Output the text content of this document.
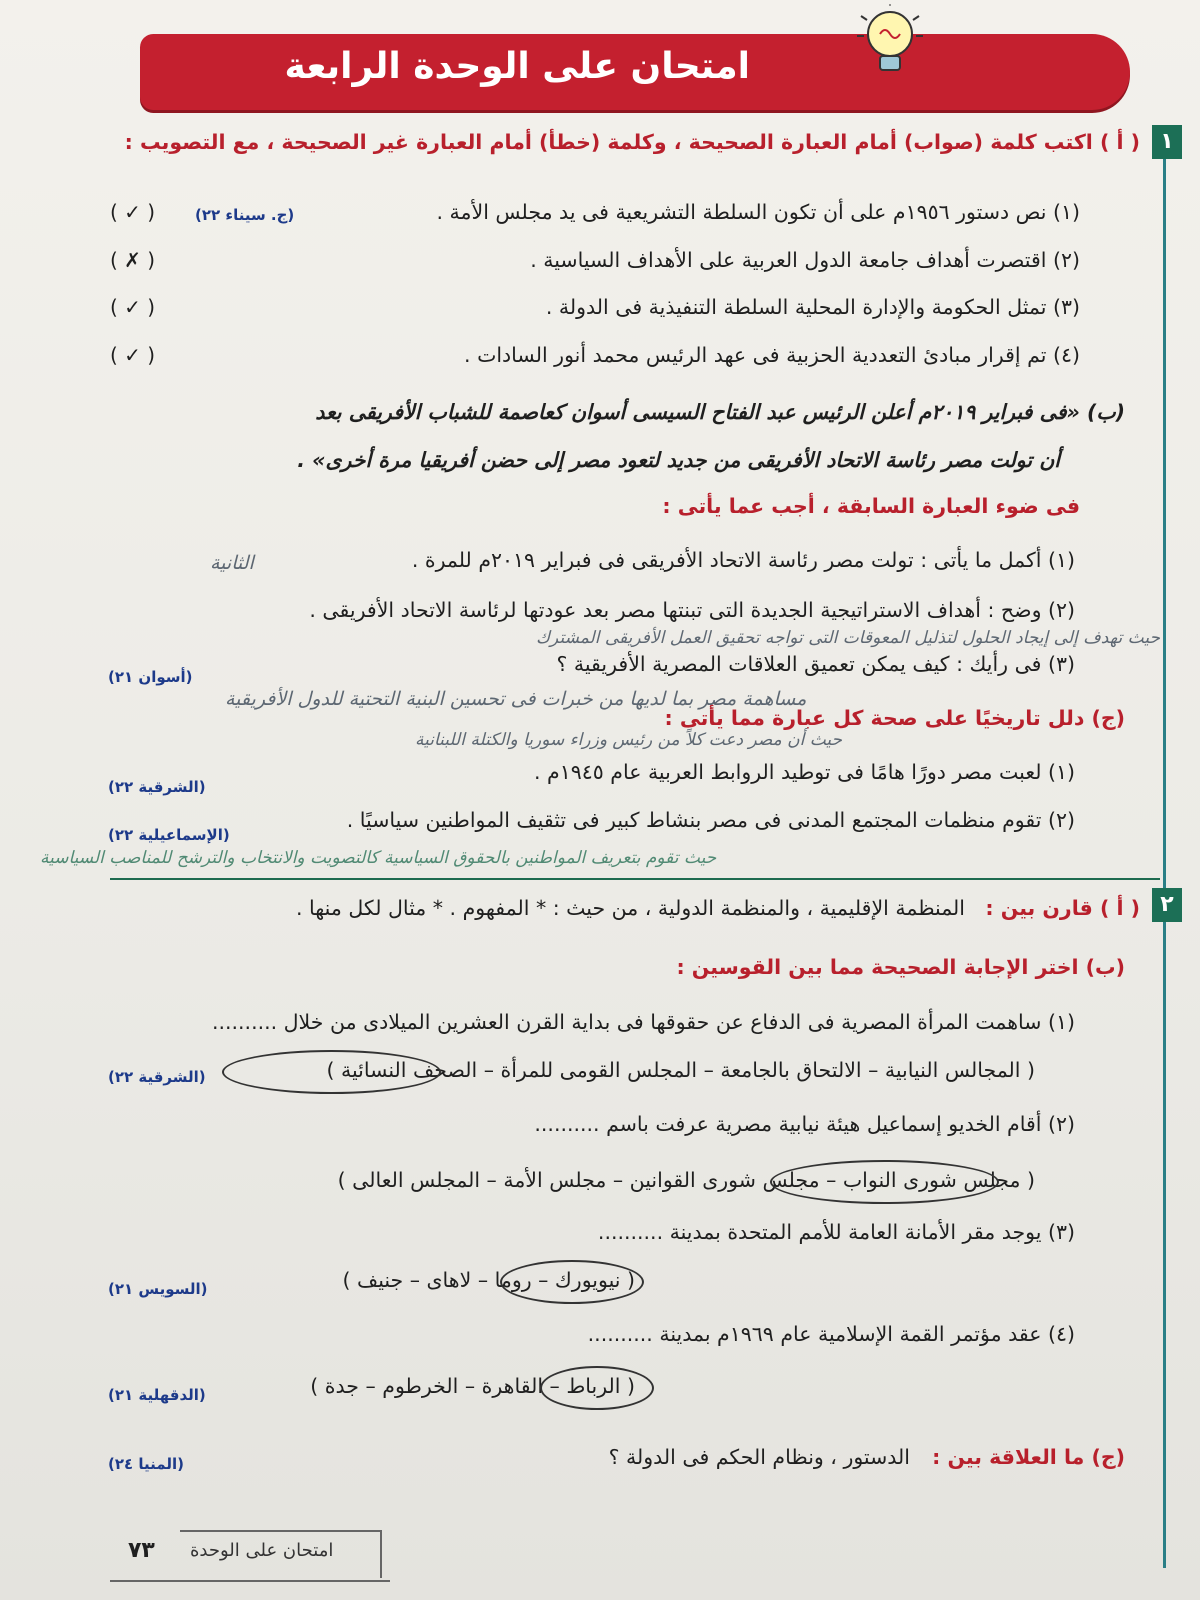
امتحان على الوحدة الرابعة
١
( أ ) اكتب كلمة (صواب) أمام العبارة الصحيحة ، وكلمة (خطأ) أمام العبارة غير الصحيحة ، مع التصويب :
(١) نص دستور ١٩٥٦م على أن تكون السلطة التشريعية فى يد مجلس الأمة .
(ج. سيناء ٢٢)
( ✓ )
(٢) اقتصرت أهداف جامعة الدول العربية على الأهداف السياسية .
( ✗ )
(٣) تمثل الحكومة والإدارة المحلية السلطة التنفيذية فى الدولة .
( ✓ )
(٤) تم إقرار مبادئ التعددية الحزبية فى عهد الرئيس محمد أنور السادات .
( ✓ )
(ب) «فى فبراير ٢٠١٩م أعلن الرئيس عبد الفتاح السيسى أسوان كعاصمة للشباب الأفريقى بعد
أن تولت مصر رئاسة الاتحاد الأفريقى من جديد لتعود مصر إلى حضن أفريقيا مرة أخرى» .
فى ضوء العبارة السابقة ، أجب عما يأتى :
(١) أكمل ما يأتى : تولت مصر رئاسة الاتحاد الأفريقى فى فبراير ٢٠١٩م للمرة .
الثانية
(٢) وضح : أهداف الاستراتيجية الجديدة التى تبنتها مصر بعد عودتها لرئاسة الاتحاد الأفريقى .
حيث تهدف إلى إيجاد الحلول لتذليل المعوقات التى تواجه تحقيق العمل الأفريقى المشترك
(٣) فى رأيك : كيف يمكن تعميق العلاقات المصرية الأفريقية ؟
(أسوان ٢١)
مساهمة مصر بما لديها من خبرات فى تحسين البنية التحتية للدول الأفريقية
(ج) دلل تاريخيًا على صحة كل عبارة مما يأتى :
حيث أن مصر دعت كلاً من رئيس وزراء سوريا والكتلة اللبنانية
(١) لعبت مصر دورًا هامًا فى توطيد الروابط العربية عام ١٩٤٥م .
(الشرقية ٢٢)
(٢) تقوم منظمات المجتمع المدنى فى مصر بنشاط كبير فى تثقيف المواطنين سياسيًا .
(الإسماعيلية ٢٢)
حيث تقوم بتعريف المواطنين بالحقوق السياسية كالتصويت والانتخاب والترشح للمناصب السياسية
٢
( أ ) قارن بين :
المنظمة الإقليمية ، والمنظمة الدولية ، من حيث : * المفهوم . * مثال لكل منها .
(ب) اختر الإجابة الصحيحة مما بين القوسين :
(١) ساهمت المرأة المصرية فى الدفاع عن حقوقها فى بداية القرن العشرين الميلادى من خلال ..........
( المجالس النيابية – الالتحاق بالجامعة – المجلس القومى للمرأة – الصحف النسائية )
(الشرقية ٢٢)
(٢) أقام الخديو إسماعيل هيئة نيابية مصرية عرفت باسم ..........
( مجلس شورى النواب – مجلس شورى القوانين – مجلس الأمة – المجلس العالى )
(٣) يوجد مقر الأمانة العامة للأمم المتحدة بمدينة ..........
( نيويورك – روما – لاهاى – جنيف )
(السويس ٢١)
(٤) عقد مؤتمر القمة الإسلامية عام ١٩٦٩م بمدينة ..........
( الرباط – القاهرة – الخرطوم – جدة )
(الدقهلية ٢١)
(ج) ما العلاقة بين :
الدستور ، ونظام الحكم فى الدولة ؟
(المنيا ٢٤)
امتحان على الوحدة
٧٣
